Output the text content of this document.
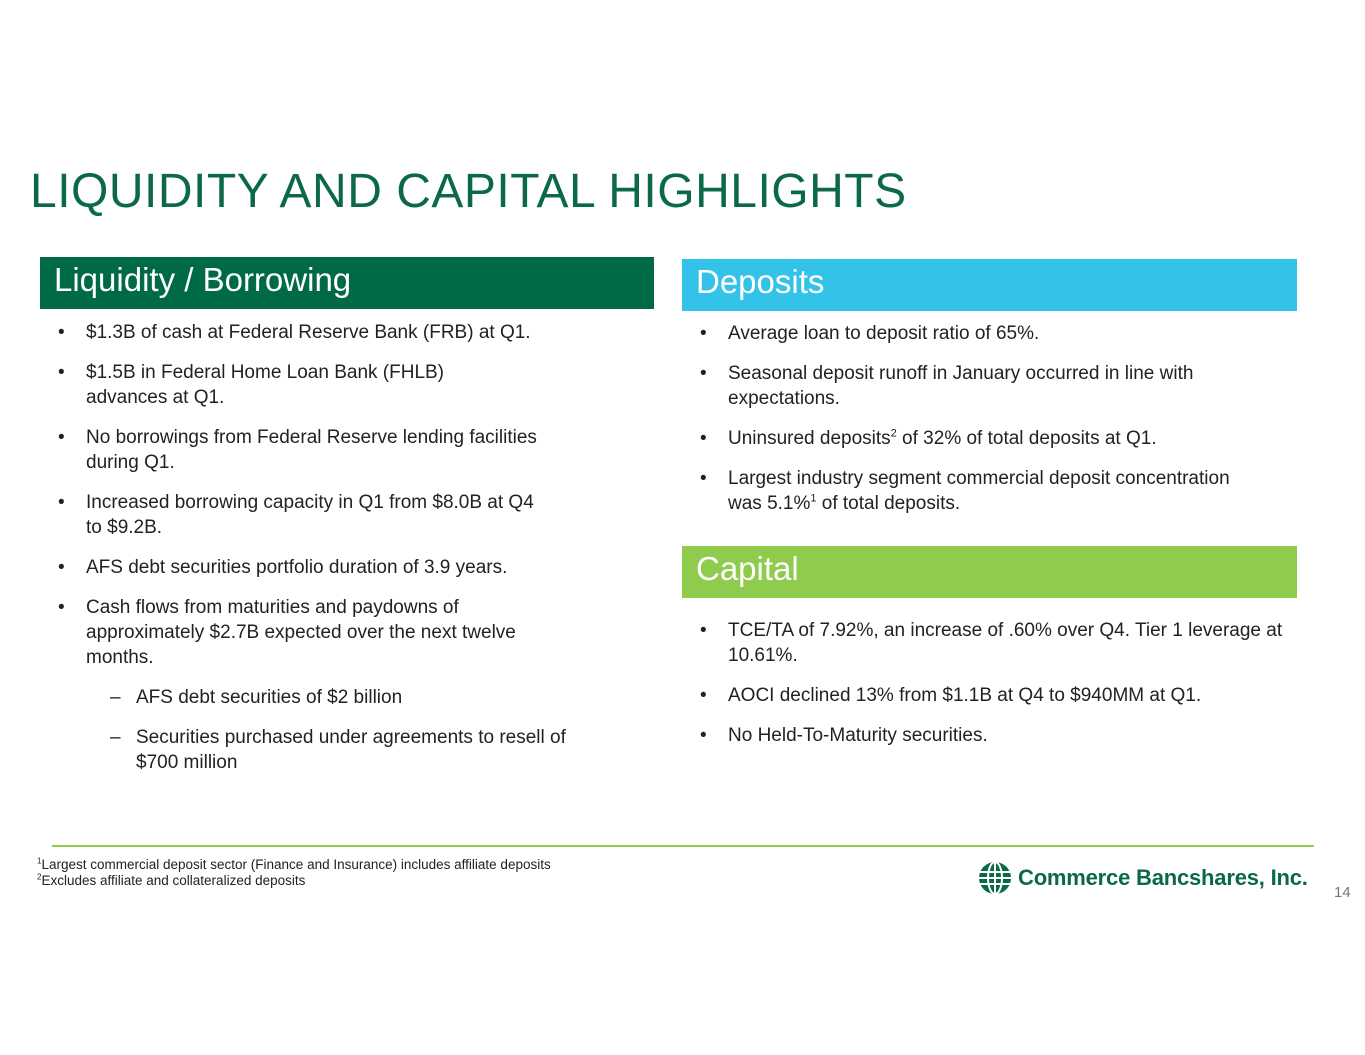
LIQUIDITY AND CAPITAL HIGHLIGHTS
Liquidity / Borrowing
•	$1.3B of cash at Federal Reserve Bank (FRB) at Q1.
•	$1.5B in Federal Home Loan Bank (FHLB) advances at Q1.
•	No borrowings from Federal Reserve lending facilities during Q1.
•	Increased borrowing capacity in Q1 from $8.0B at Q4 to $9.2B.
•	AFS debt securities portfolio duration of 3.9 years.
•	Cash flows from maturities and paydowns of approximately $2.7B expected over the next twelve months.
– AFS debt securities of $2 billion
– Securities purchased under agreements to resell of $700 million
Deposits
•	Average loan to deposit ratio of 65%.
•	Seasonal deposit runoff in January occurred in line with expectations.
•	Uninsured deposits$^2$ of 32% of total deposits at Q1.
•	Largest industry segment commercial deposit concentration was 5.1%$^1$ of total deposits.
Capital
•	TCE/TA of 7.92%, an increase of .60% over Q4. Tier 1 leverage at 10.61%.
•	AOCI declined 13% from $1.1B at Q4 to $940MM at Q1.
•	No Held-To-Maturity securities.
$^1$Largest commercial deposit sector (Finance and Insurance) includes affiliate deposits
$^2$Excludes affiliate and collateralized deposits	Commerce Bancshares, Inc.
14
